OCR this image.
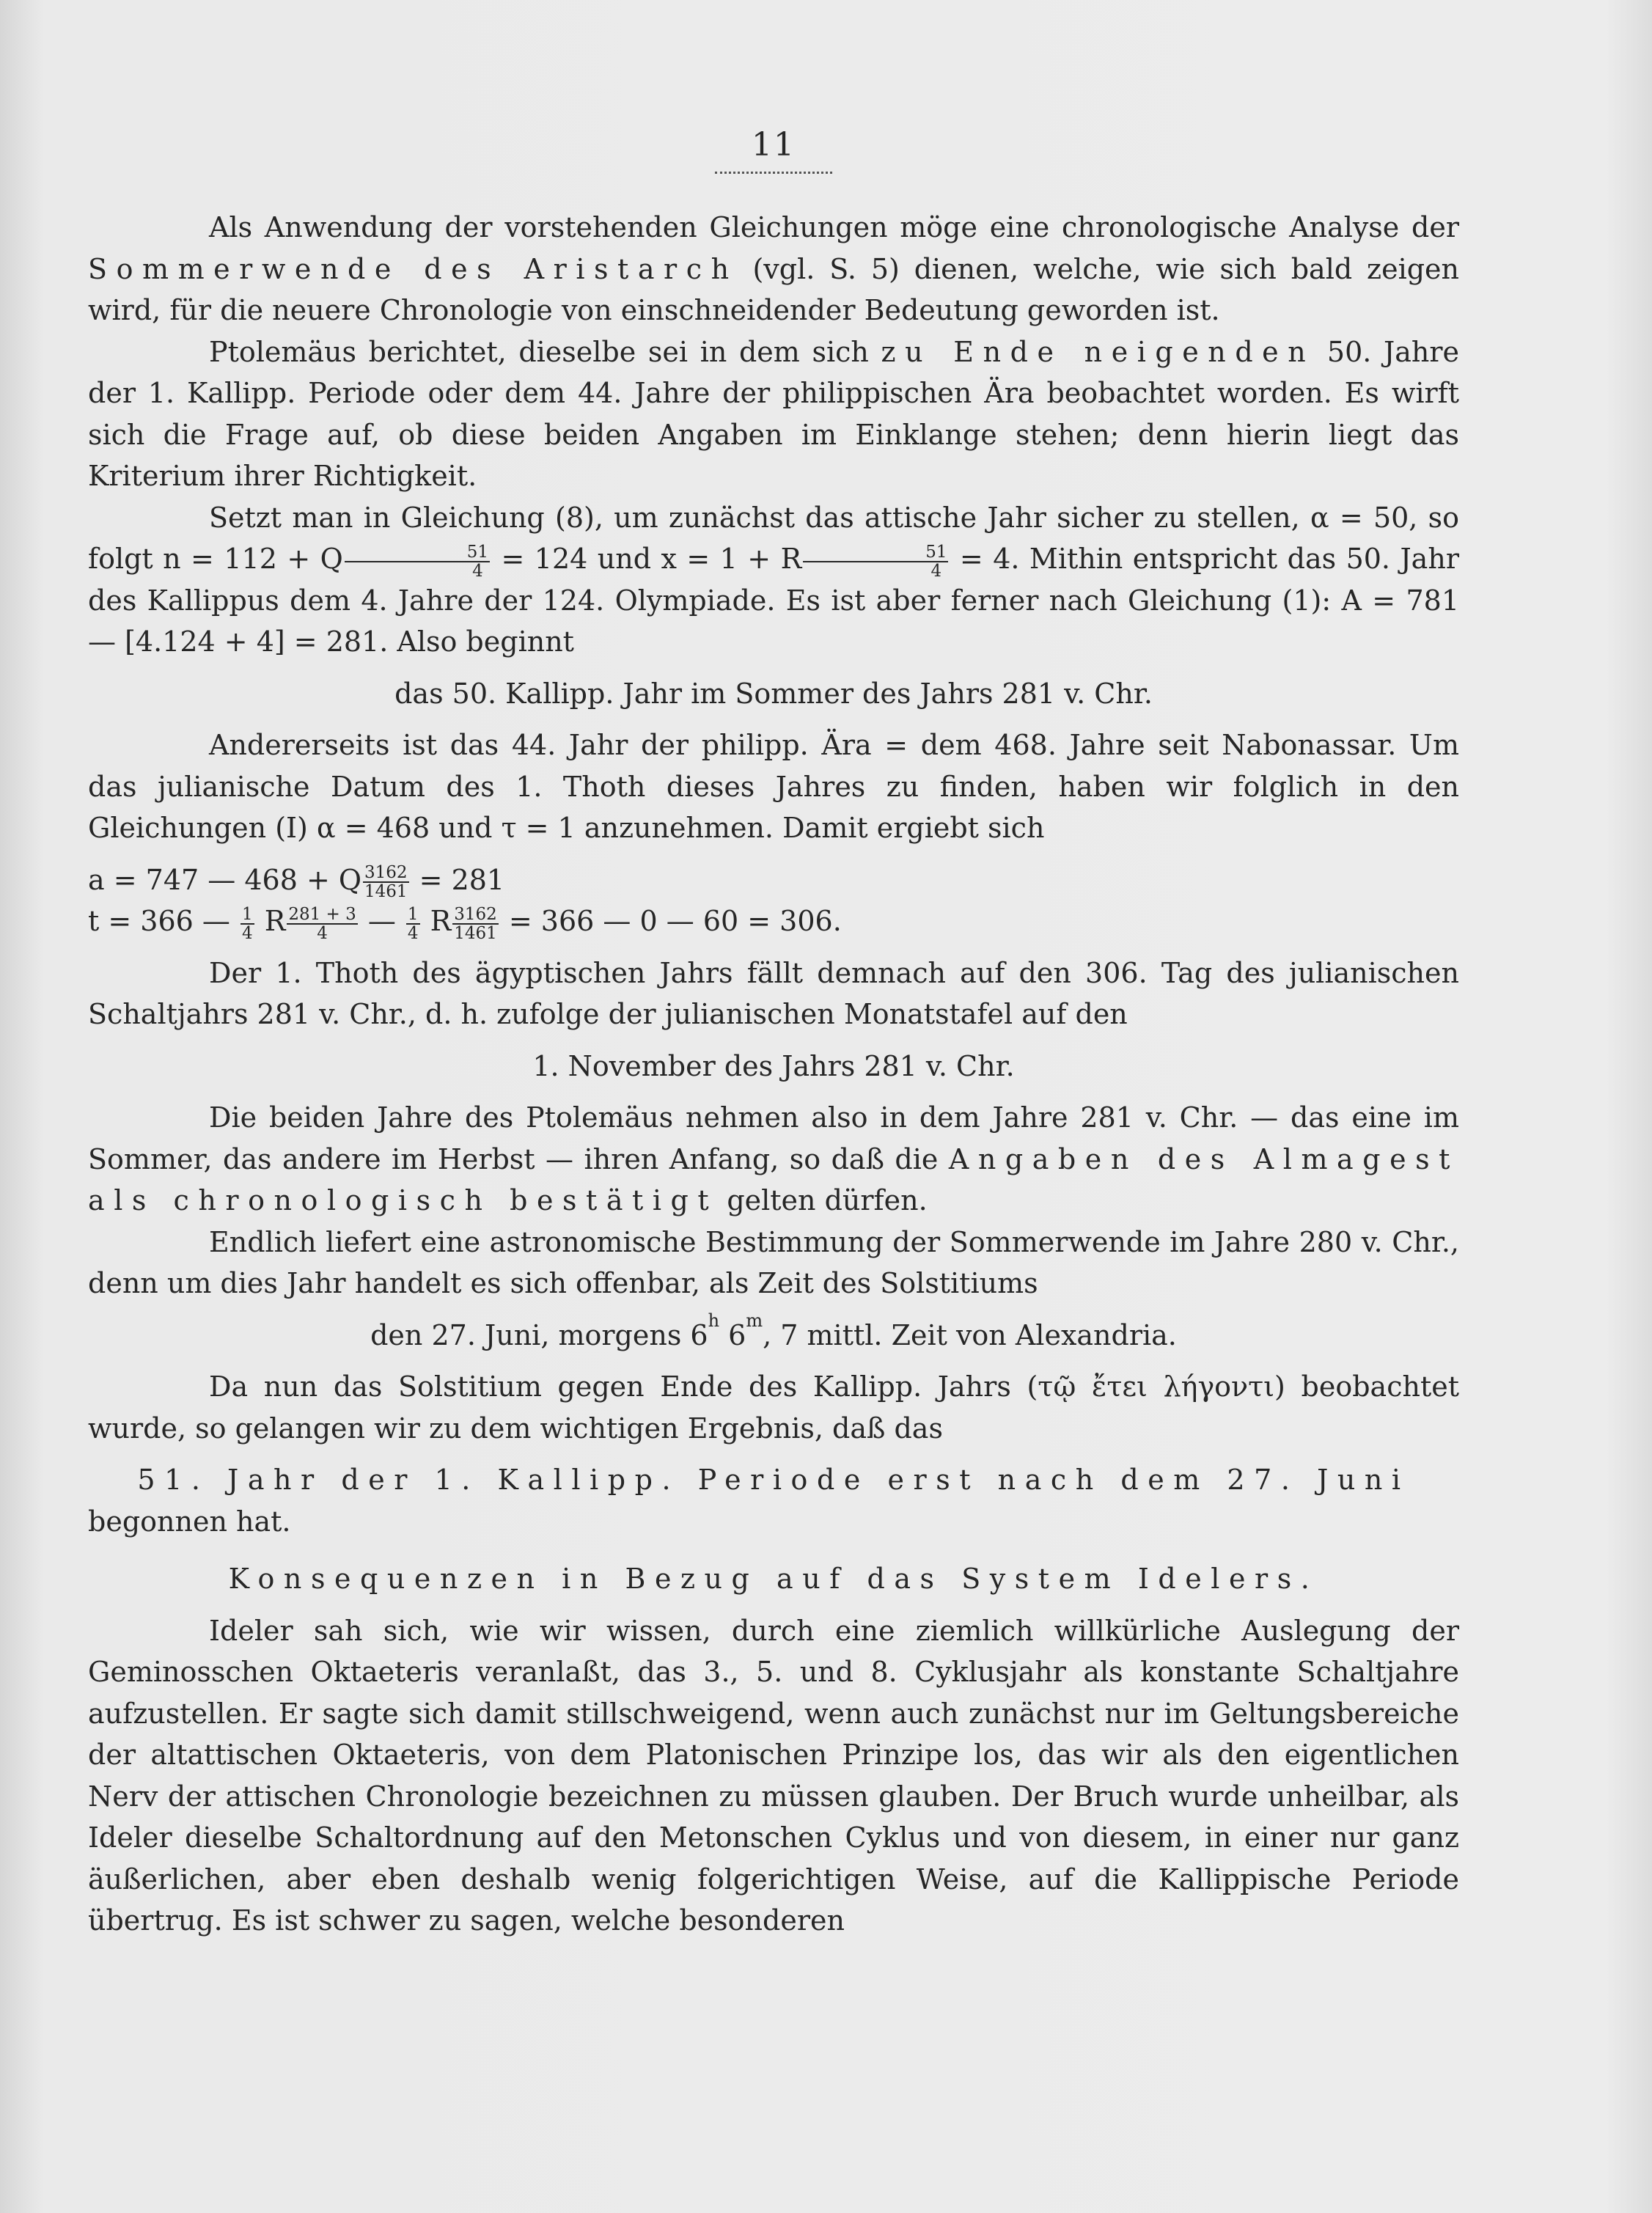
11

Als Anwendung der vorstehenden Gleichungen möge eine chronologische Analyse der Sommerwende des Aristarch (vgl. S. 5) dienen, welche, wie sich bald zeigen wird, für die neuere Chronologie von einschneidender Bedeutung geworden ist.

Ptolemäus berichtet, dieselbe sei in dem sich zu Ende neigenden 50. Jahre der 1. Kallipp. Periode oder dem 44. Jahre der philippischen Ära beobachtet worden. Es wirft sich die Frage auf, ob diese beiden Angaben im Einklange stehen; denn hierin liegt das Kriterium ihrer Richtigkeit.

Setzt man in Gleichung (8), um zunächst das attische Jahr sicher zu stellen, α = 50, so folgt n = 112 + Q $\frac{51}{4} = 124$ und x = 1 + R $\frac{51}{4} = 4$. Mithin entspricht das 50. Jahr des Kallippus dem 4. Jahre der 124. Olympiade. Es ist aber ferner nach Gleichung (1): A = 781 — [4.124 + 4] = 281. Also beginnt

das 50. Kallipp. Jahr im Sommer des Jahrs 281 v. Chr.

Andererseits ist das 44. Jahr der philipp. Ära = dem 468. Jahre seit Nabonassar. Um das julianische Datum des 1. Thoth dieses Jahres zu finden, haben wir folglich in den Gleichungen (I) α = 468 und τ = 1 anzunehmen. Damit ergiebt sich

a = 747 — 468 + Q $\frac{3162}{1461} = 281$

t = 366 — $\frac{1}{4}$ R $\frac{281 + 3}{4}$ — $\frac{1}{4}$ R $\frac{3162}{1461} = 366$ — 0 — 60 = 306.

Der 1. Thoth des ägyptischen Jahrs fällt demnach auf den 306. Tag des julianischen Schaltjahrs 281 v. Chr., d. h. zufolge der julianischen Monatstafel auf den

1. November des Jahrs 281 v. Chr.

Die beiden Jahre des Ptolemäus nehmen also in dem Jahre 281 v. Chr. — das eine im Sommer, das andere im Herbst — ihren Anfang, so daß die Angaben des Almagest als chronologisch bestätigt gelten dürfen.

Endlich liefert eine astronomische Bestimmung der Sommerwende im Jahre 280 v. Chr., denn um dies Jahr handelt es sich offenbar, als Zeit des Solstitiums

den 27. Juni, morgens 6$^h$ 6$^m$, 7 mittl. Zeit von Alexandria.

Da nun das Solstitium gegen Ende des Kallipp. Jahrs (τῷ ἔτει λήγοντι) beobachtet wurde, so gelangen wir zu dem wichtigen Ergebnis, daß das

51. Jahr der 1. Kallipp. Periode erst nach dem 27. Juni

begonnen hat.

Konsequenzen in Bezug auf das System Idelers.

Ideler sah sich, wie wir wissen, durch eine ziemlich willkürliche Auslegung der Geminosschen Oktaeteris veranlaßt, das 3., 5. und 8. Cyklusjahr als konstante Schaltjahre aufzustellen. Er sagte sich damit stillschweigend, wenn auch zunächst nur im Geltungsbereiche der altattischen Oktaeteris, von dem Platonischen Prinzipe los, das wir als den eigentlichen Nerv der attischen Chronologie bezeichnen zu müssen glauben. Der Bruch wurde unheilbar, als Ideler dieselbe Schaltordnung auf den Metonschen Cyklus und von diesem, in einer nur ganz äußerlichen, aber eben deshalb wenig folgerichtigen Weise, auf die Kallippische Periode übertrug. Es ist schwer zu sagen, welche besonderen
